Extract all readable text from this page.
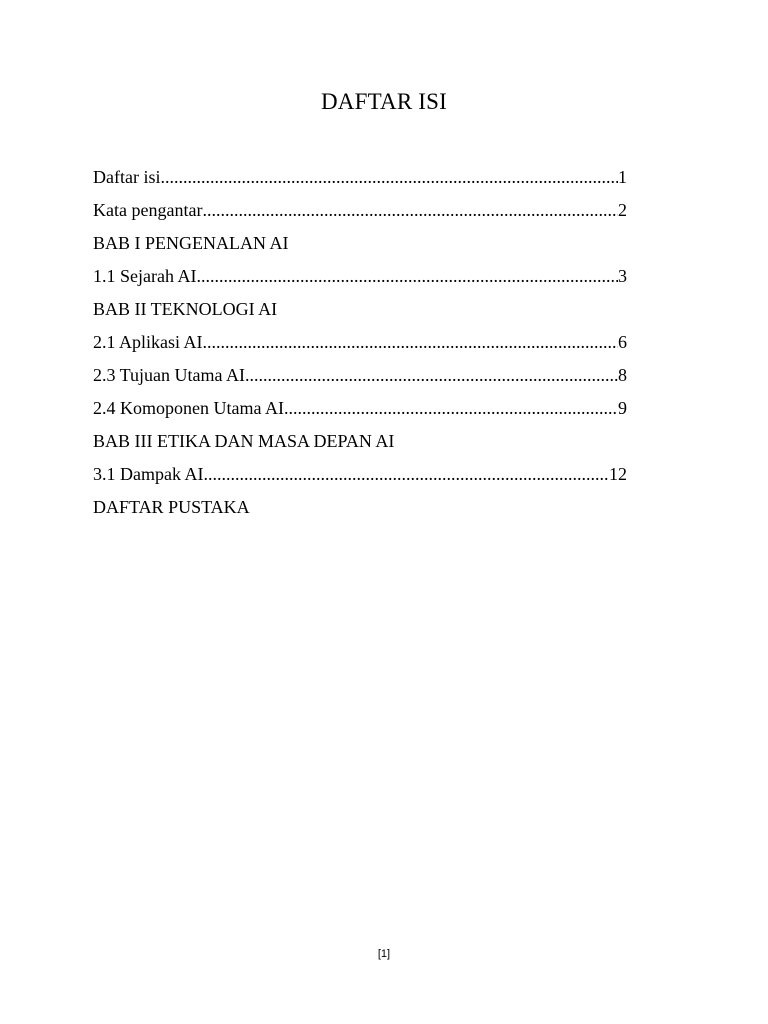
DAFTAR ISI
Daftar isi .....	1
Kata pengantar .....	2
BAB I PENGENALAN AI
1.1 Sejarah AI .....	3
BAB II TEKNOLOGI AI
2.1 Aplikasi AI .....	6
2.3 Tujuan Utama AI .....	8
2.4 Komoponen Utama AI .....	9
BAB III ETIKA DAN MASA DEPAN AI
3.1 Dampak AI .....	12
DAFTAR PUSTAKA
[1]
